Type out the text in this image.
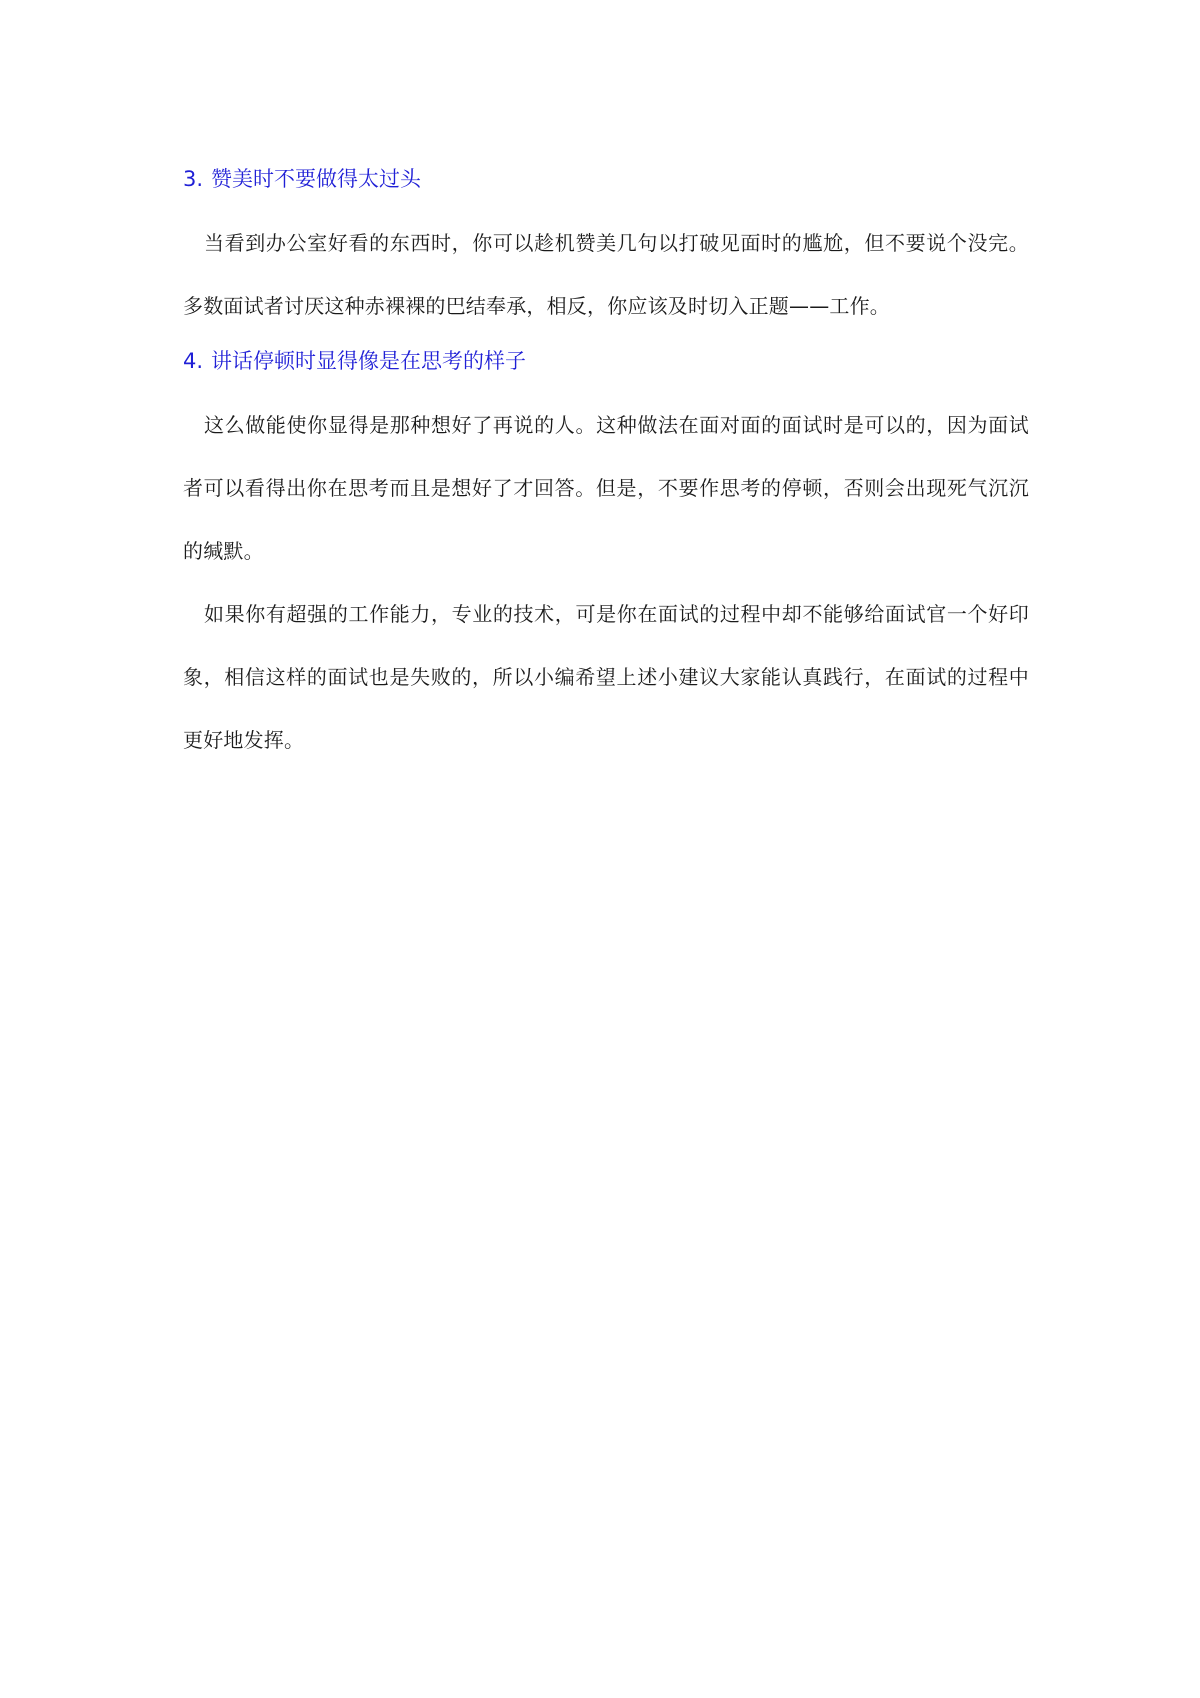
3. 赞美时不要做得太过头

当看到办公室好看的东西时，你可以趁机赞美几句以打破见面时的尴尬，但不要说个没完。多数面试者讨厌这种赤裸裸的巴结奉承，相反，你应该及时切入正题——工作。

4. 讲话停顿时显得像是在思考的样子

这么做能使你显得是那种想好了再说的人。这种做法在面对面的面试时是可以的，因为面试者可以看得出你在思考而且是想好了才回答。但是，不要作思考的停顿，否则会出现死气沉沉的缄默。

如果你有超强的工作能力，专业的技术，可是你在面试的过程中却不能够给面试官一个好印象，相信这样的面试也是失败的，所以小编希望上述小建议大家能认真践行，在面试的过程中更好地发挥。
